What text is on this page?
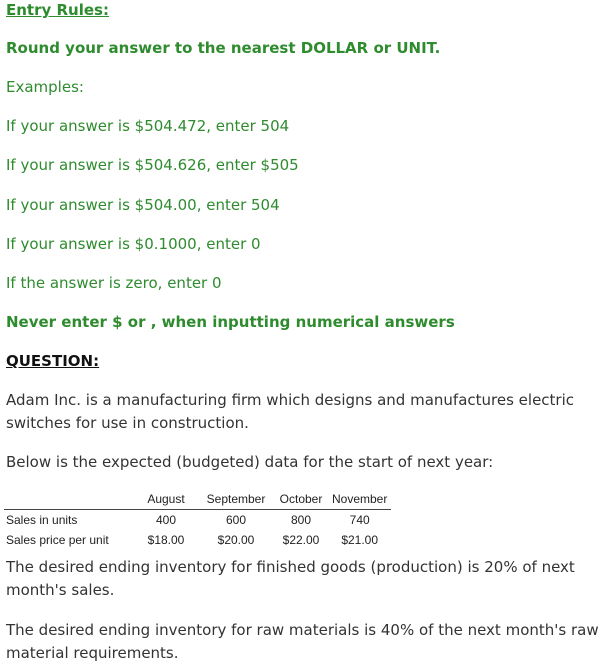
Entry Rules:
Round your answer to the nearest DOLLAR or UNIT.
Examples:
If your answer is $504.472, enter 504
If your answer is $504.626, enter $505
If your answer is $504.00, enter 504
If your answer is $0.1000, enter 0
If the answer is zero, enter 0
Never enter $ or , when inputting numerical answers
QUESTION:
Adam Inc. is a manufacturing firm which designs and manufactures electric switches for use in construction.
Below is the expected (budgeted) data for the start of next year:
	August	September	October	November
Sales in units	400	600	800	740
Sales price per unit	$18.00	$20.00	$22.00	$21.00
The desired ending inventory for finished goods (production) is 20% of next month's sales.
The desired ending inventory for raw materials is 40% of the next month's raw material requirements.
